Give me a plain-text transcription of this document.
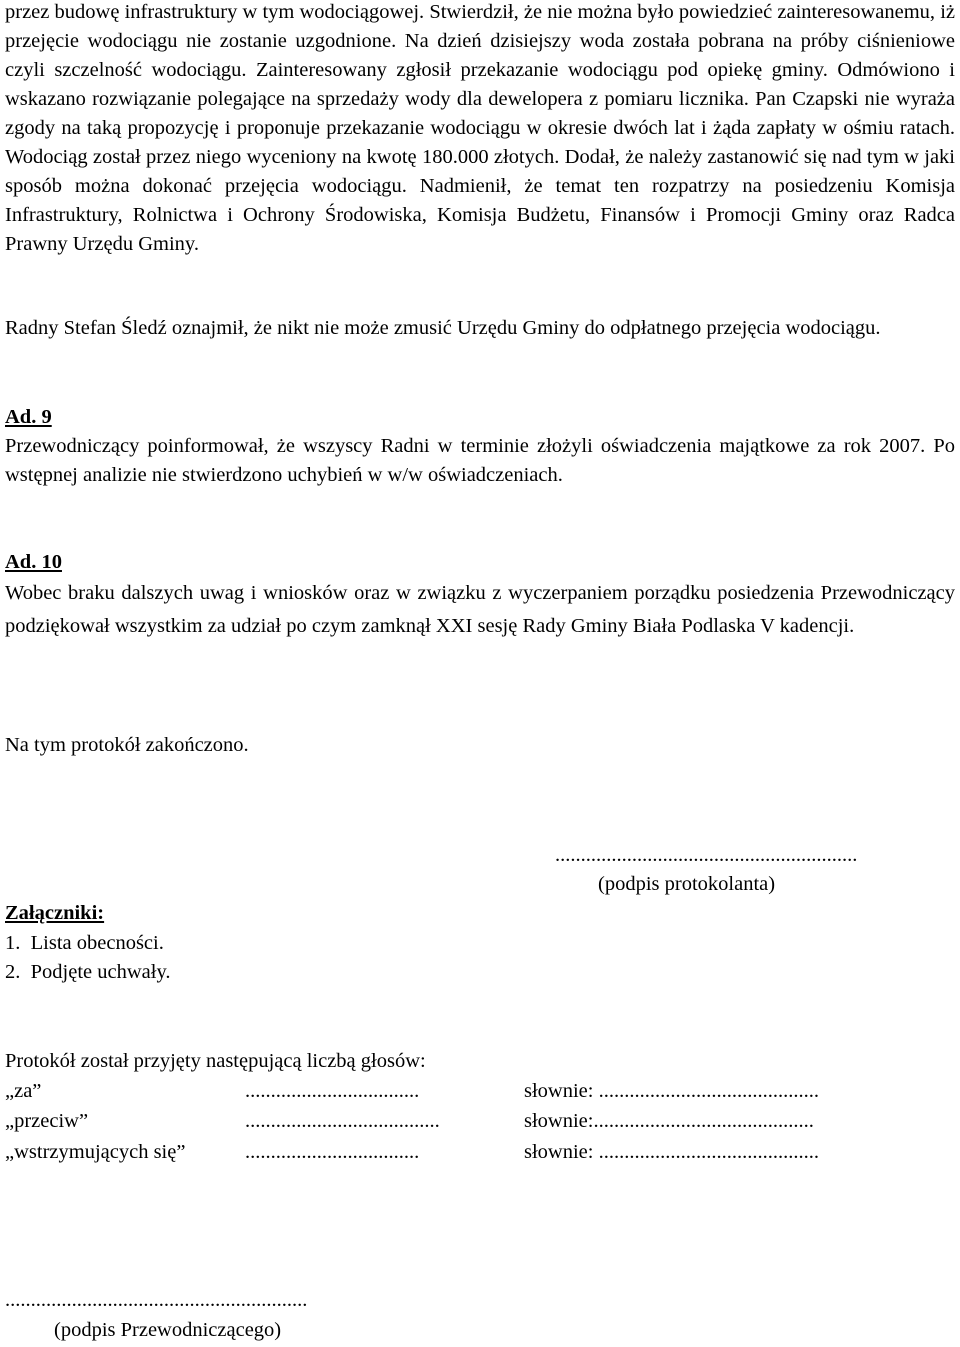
przez budowę infrastruktury w tym wodociągowej. Stwierdził, że nie można było powiedzieć zainteresowanemu, iż przejęcie wodociągu nie zostanie uzgodnione. Na dzień dzisiejszy woda została pobrana na próby ciśnieniowe czyli szczelność wodociągu. Zainteresowany zgłosił przekazanie wodociągu pod opiekę gminy. Odmówiono i wskazano rozwiązanie polegające na sprzedaży wody dla dewelopera z pomiaru licznika. Pan Czapski nie wyraża zgody na taką propozycję i proponuje przekazanie wodociągu w okresie dwóch lat i żąda zapłaty w ośmiu ratach. Wodociąg został przez niego wyceniony na kwotę 180.000 złotych. Dodał, że należy zastanowić się nad tym w jaki sposób można dokonać przejęcia wodociągu. Nadmienił, że temat ten rozpatrzy na posiedzeniu Komisja Infrastruktury, Rolnictwa i Ochrony Środowiska, Komisja Budżetu, Finansów i Promocji Gminy oraz Radca Prawny Urzędu Gminy.
Radny Stefan Śledź oznajmił, że nikt nie może zmusić Urzędu Gminy do odpłatnego przejęcia wodociągu.
Ad. 9
Przewodniczący poinformował, że wszyscy Radni w terminie złożyli oświadczenia majątkowe za rok 2007. Po wstępnej analizie nie stwierdzono uchybień w w/w oświadczeniach.
Ad. 10
Wobec braku dalszych uwag i wniosków oraz w związku z wyczerpaniem porządku posiedzenia Przewodniczący podziękował wszystkim za udział po czym zamknął XXI sesję Rady Gminy Biała Podlaska V kadencji.
Na tym protokół zakończono.
...........................................................
(podpis protokolanta)
Załączniki:
1.  Lista obecności.
2.  Podjęte uchwały.
Protokół został przyjęty następującą liczbą głosów:
„za”	..................................	słownie: ...........................................
„przeciw”	......................................	słownie:...........................................
„wstrzymujących się”	..................................	słownie: ...........................................
...........................................................
(podpis Przewodniczącego)
